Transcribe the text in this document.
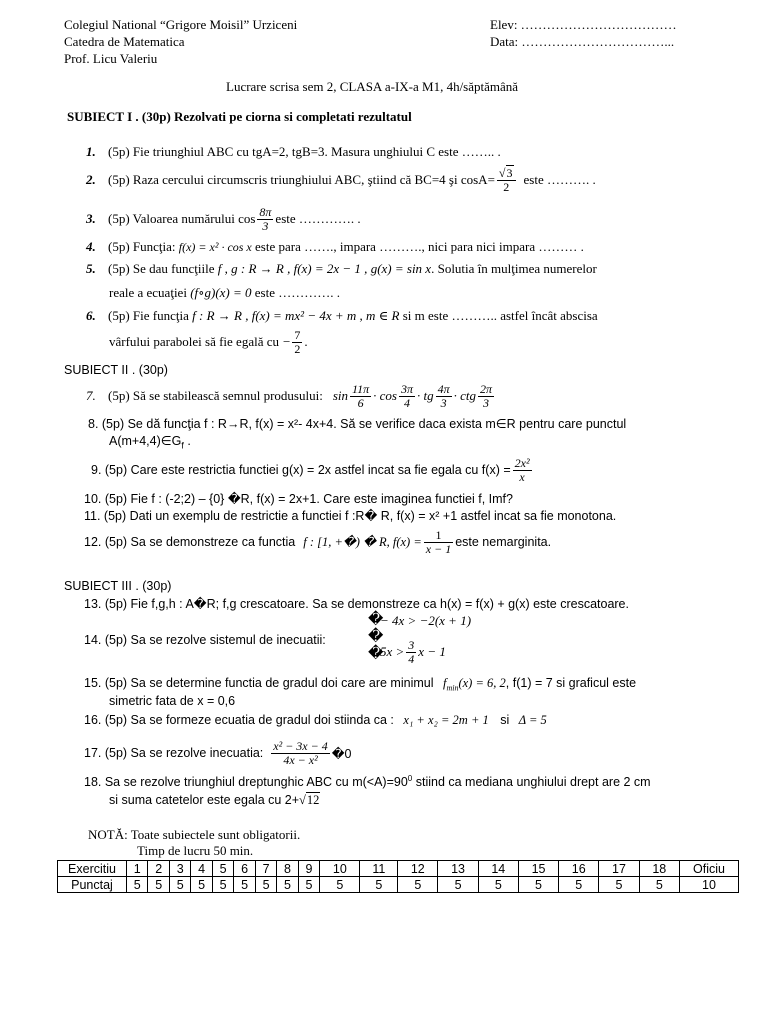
Colegiul National “Grigore Moisil” Urziceni
Catedra de Matematica
Prof. Licu Valeriu
Elev: ………………………………
Data: ……………………………...
Lucrare scrisa sem 2, CLASA a-IX-a M1, 4h/săptămână
SUBIECT I . (30p) Rezolvati pe ciorna si completati rezultatul
1. (5p) Fie triunghiul ABC cu tgA=2, tgB=3. Masura unghiului C este …….. .
2. (5p) Raza cercului circumscris triunghiului ABC, ştiind că BC=4 şi $\cos A= \frac{√3}{2}$ este ………. .
3. (5p) Valoarea numărului $\cos \frac{8\pi}{3}$ este …………. .
4. (5p) Funcţia: f(x) = x² · cos x este para ……., impara ………., nici para nici impara ……… .
5. (5p) Se dau funcţiile f , g : R → R , f(x) = 2x − 1 , g(x) = sin x. Solutia în mulţimea numerelor
reale a ecuaţiei (f∘g)(x) = 0 este …………. .
6. (5p) Fie funcţia f : R → R , f(x) = mx² − 4x + m , m ∈ R si m este ……….. astfel încât abscisa
vârfului parabolei să fie egală cu − $\frac{7}{2}$ .
SUBIECT II . (30p)
7. (5p) Să se stabilească semnul produsului: $\sin \frac{11\pi}{6} \cdot \cos \frac{3\pi}{4}$ · tg $\frac{4\pi}{3}$ · ctg $\frac{2\pi}{3}$
8. (5p) Se dă funcţia f : R→R, f(x) = x²- 4x+4. Să se verifice daca exista m∈R pentru care punctul
$A(m+4,4)\in G_f$ .
9. (5p) Care este restrictia functiei g(x) = 2x astfel incat sa fie egala cu $f(x) = \frac{\text{2x²}}{x}$
10. (5p) Fie f : (-2;2) – {0} �R, f(x) = 2x+1. Care este imaginea functiei f, Imf?
11. (5p) Dati un exemplu de restrictie a functiei f :R� R, f(x) = x² +1 astfel incat sa fie monotona.
12. (5p) Sa se demonstreze ca functia f : [1, +�) � R, $f(x) = \frac{1}{x - 1}$ este nemarginita.
SUBIECT III . (30p)
13. (5p) Fie f,g,h : A�R; f,g crescatoare. Sa se demonstreze ca h(x) = f(x) + g(x) este crescatoare.
14. (5p) Sa se rezolve sistemul de inecuatii:
�
�
�
− 4x > −2(x + 1)
$5x > \frac{3}{4}$ x − 1
15. (5p) Sa se determine functia de gradul doi care are minimul $f_{min}(x) = 6$, 2, f(1) = 7 si graficul este
simetric fata de x = 0,6
16. (5p) Sa se formeze ecuatia de gradul doi stiinda ca : x₁ + x₂ = 2m + 1 si Δ = 5
17. (5p) Sa se rezolve inecuatia: $\frac{\text{x² − 3x − 4}}{\text{4x − x²}}$ �0
18. Sa se rezolve triunghiul dreptunghic ABC cu $m(<A)=90^0$ stiind ca mediana unghiului drept are 2 cm
si suma catetelor este egala cu 2+√12
NOTĂ: Toate subiectele sunt obligatorii.
Timp de lucru 50 min.
Exercitiu	1	2	3	4	5	6	7	8	9	10	11	12	13	14	15	16	17	18	Oficiu
Punctaj	5	5	5	5	5	5	5	5	5	5	5	5	5	5	5	5	5	5	10
